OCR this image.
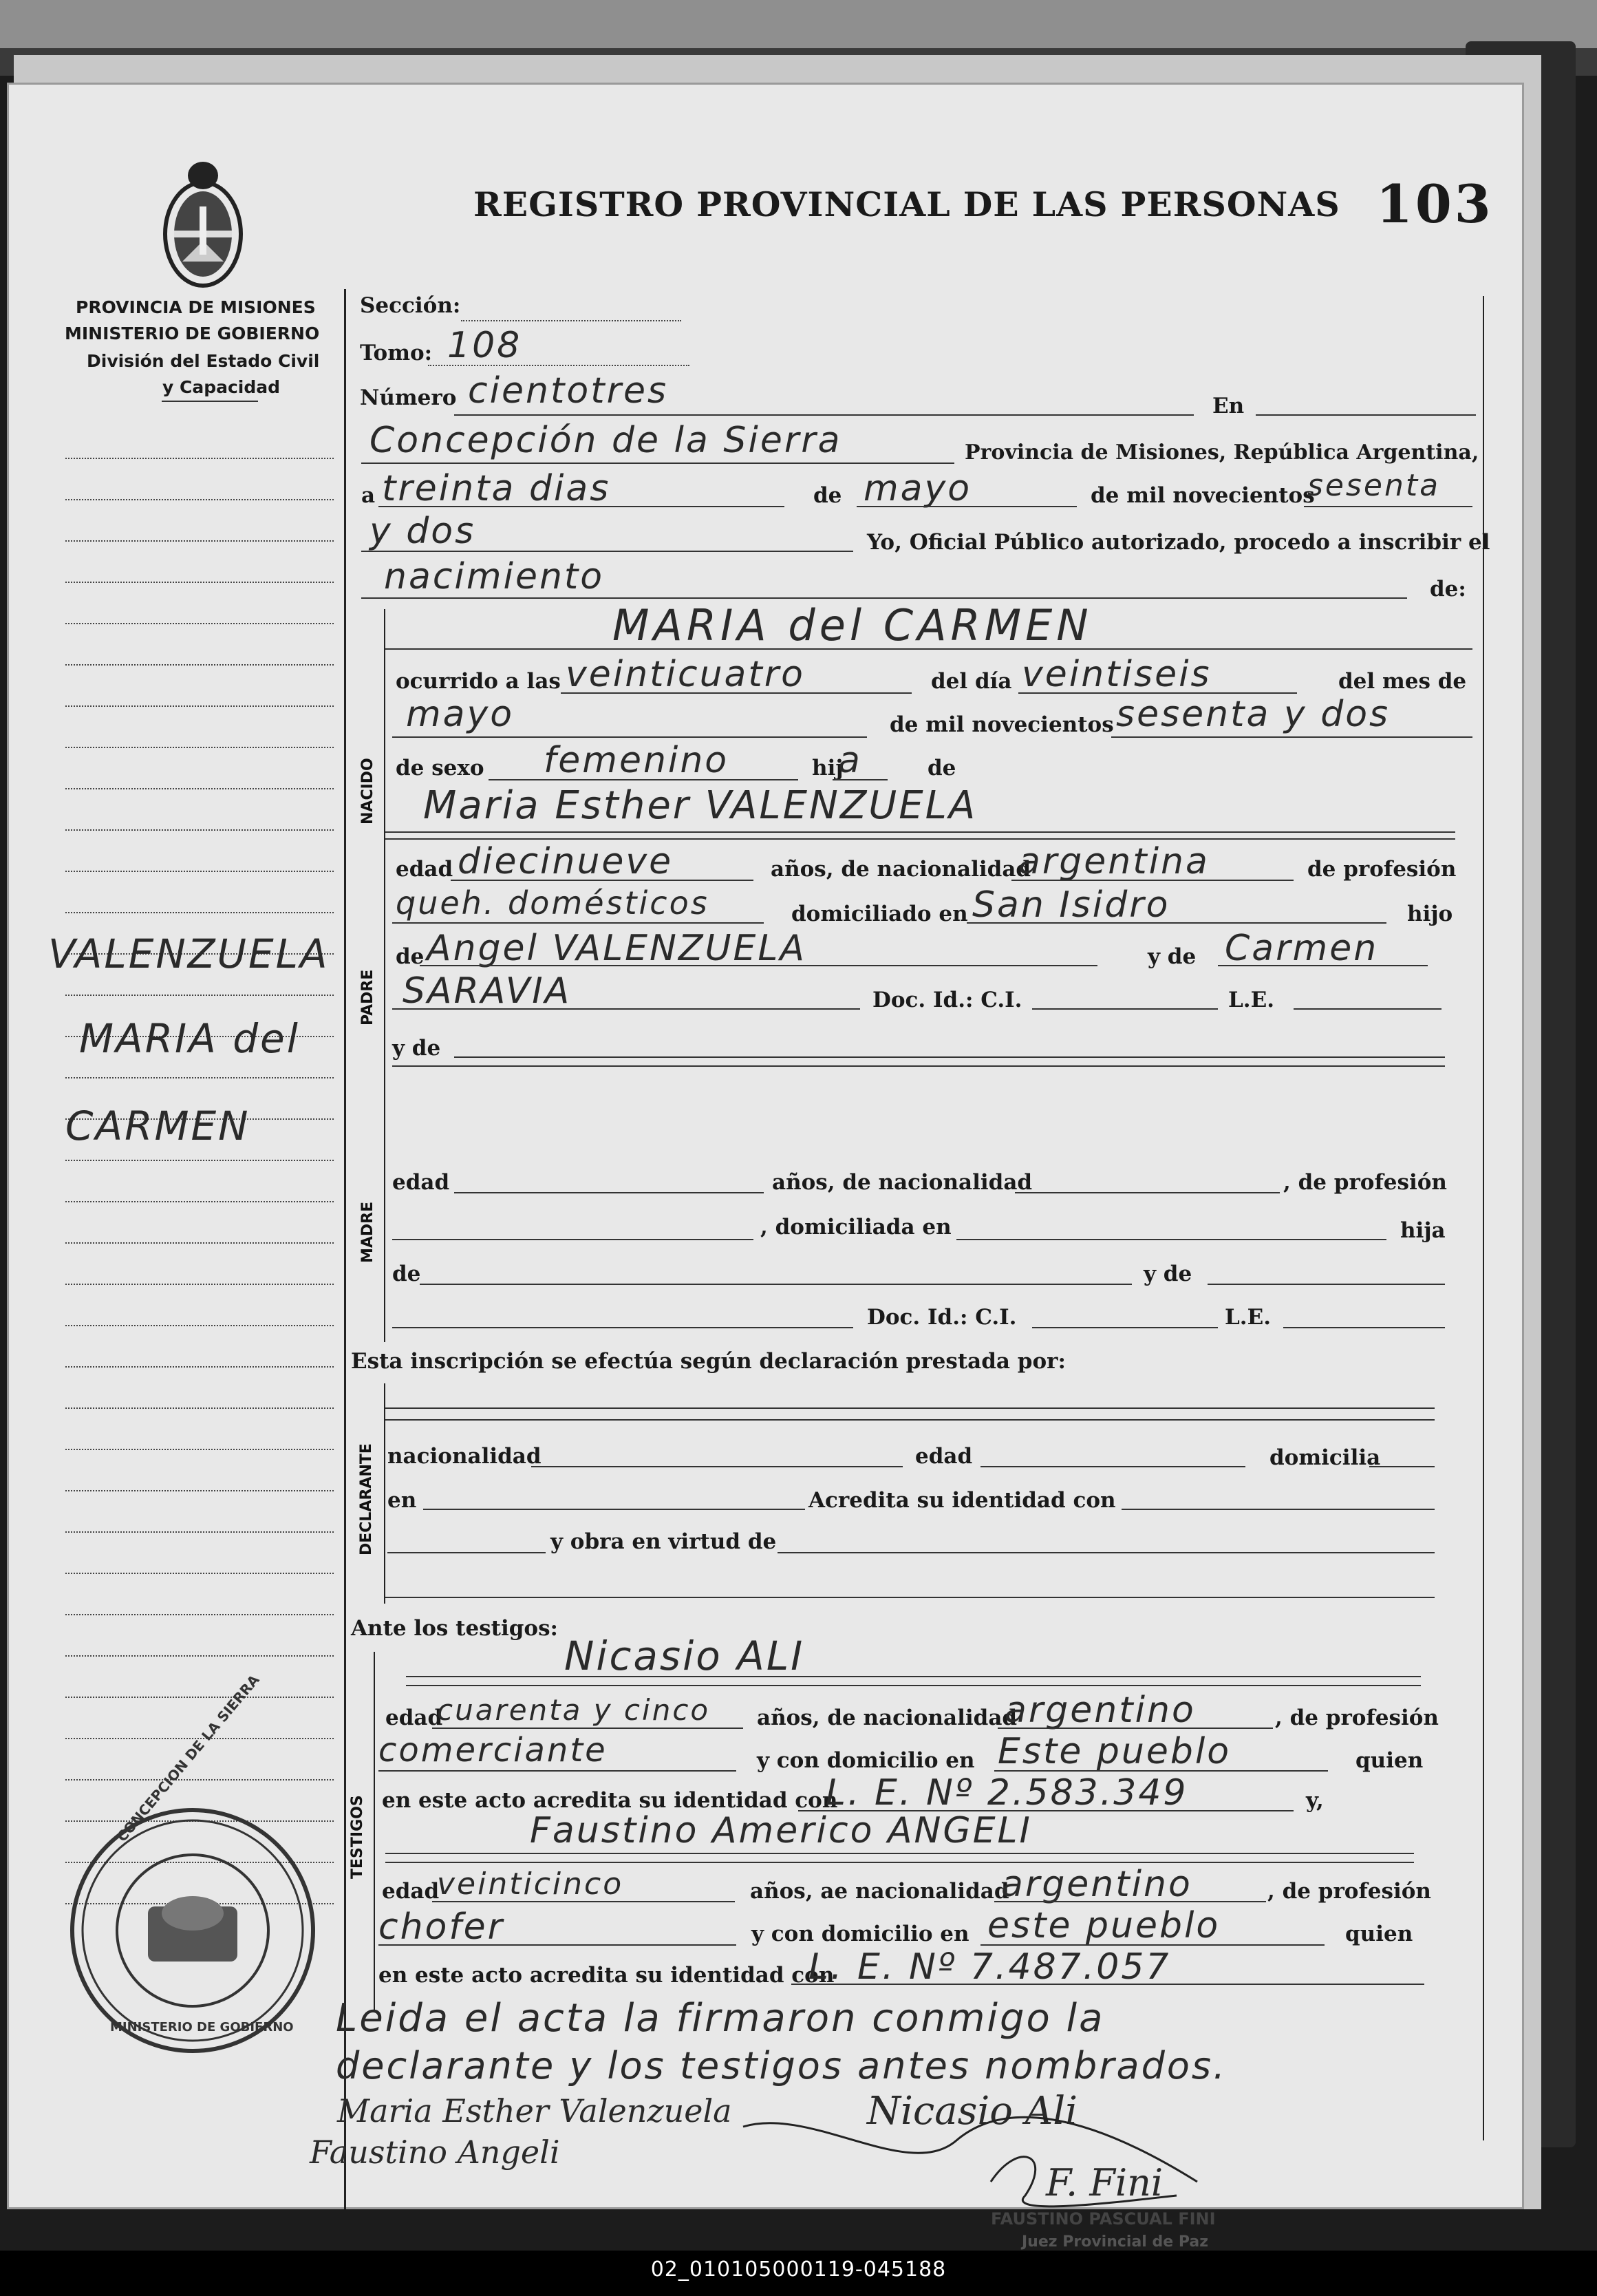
REGISTRO PROVINCIAL DE LAS PERSONAS 103
PROVINCIA DE MISIONES
MINISTERIO DE GOBIERNO
División del Estado Civil
y Capacidad
VALENZUELA
MARIA del
CARMEN
Sección:
Tomo: 108
Número cientotres	En
Concepción de la Sierra	Provincia de Misiones, República Argentina,
a treinta dias	de mayo	de mil novecientos
sesenta
y dos	Yo, Oficial Público autorizado, procedo a inscribir el
nacimiento	de:
NACIDO
MARIA del CARMEN
ocurrido a las veinticuatro	del día veintiseis	del mes de
mayo	de mil novecientos sesenta y dos
de sexo femenino	hij
a	de
PADRE
Maria Esther VALENZUELA
edad diecinueve	años, de nacionalidad
argentina	de profesión
queh. domésticos	domiciliado en San Isidro	hijo
de Angel VALENZUELA	y de Carmen
SARAVIA	Doc. Id.: C.I.	L.E.
MADRE
y de
edad	años, de nacionalidad	, de profesión
, domiciliada en	hija
de	y de
Doc. Id.: C.I.	L.E.
Esta inscripción se efectúa según declaración prestada por:
DECLARANTE nacionalidad	edad	domicilia
en	Acredita su identidad con
y obra en virtud de
Ante los testigos:
TESTIGOS
Nicasio ALI
edad
cuarenta y cinco años, de nacionalidad
argentino	, de profesión
comerciante	y con domicilio en Este pueblo	quien
en este acto acredita su identidad con
L. E. Nº 2.583.349	y,
Faustino Americo ANGELI
edad
veinticinco	años, ae nacionalidad
argentino	, de profesión
chofer	y con domicilio en este pueblo	quien
en este acto acredita su identidad con
L. E. Nº 7.487.057
Leida el acta la firmaron conmigo la
declarante y los testigos antes nombrados.
Maria Esther Valenzuela	Nicasio Ali
Faustino Angeli
F. Fini
FAUSTINO PASCUAL FINI
CONCEPCION DE LA SIERRA
MINISTERIO DE GOBIERNO
Juez Provincial de Paz
02_010105000119-045188
